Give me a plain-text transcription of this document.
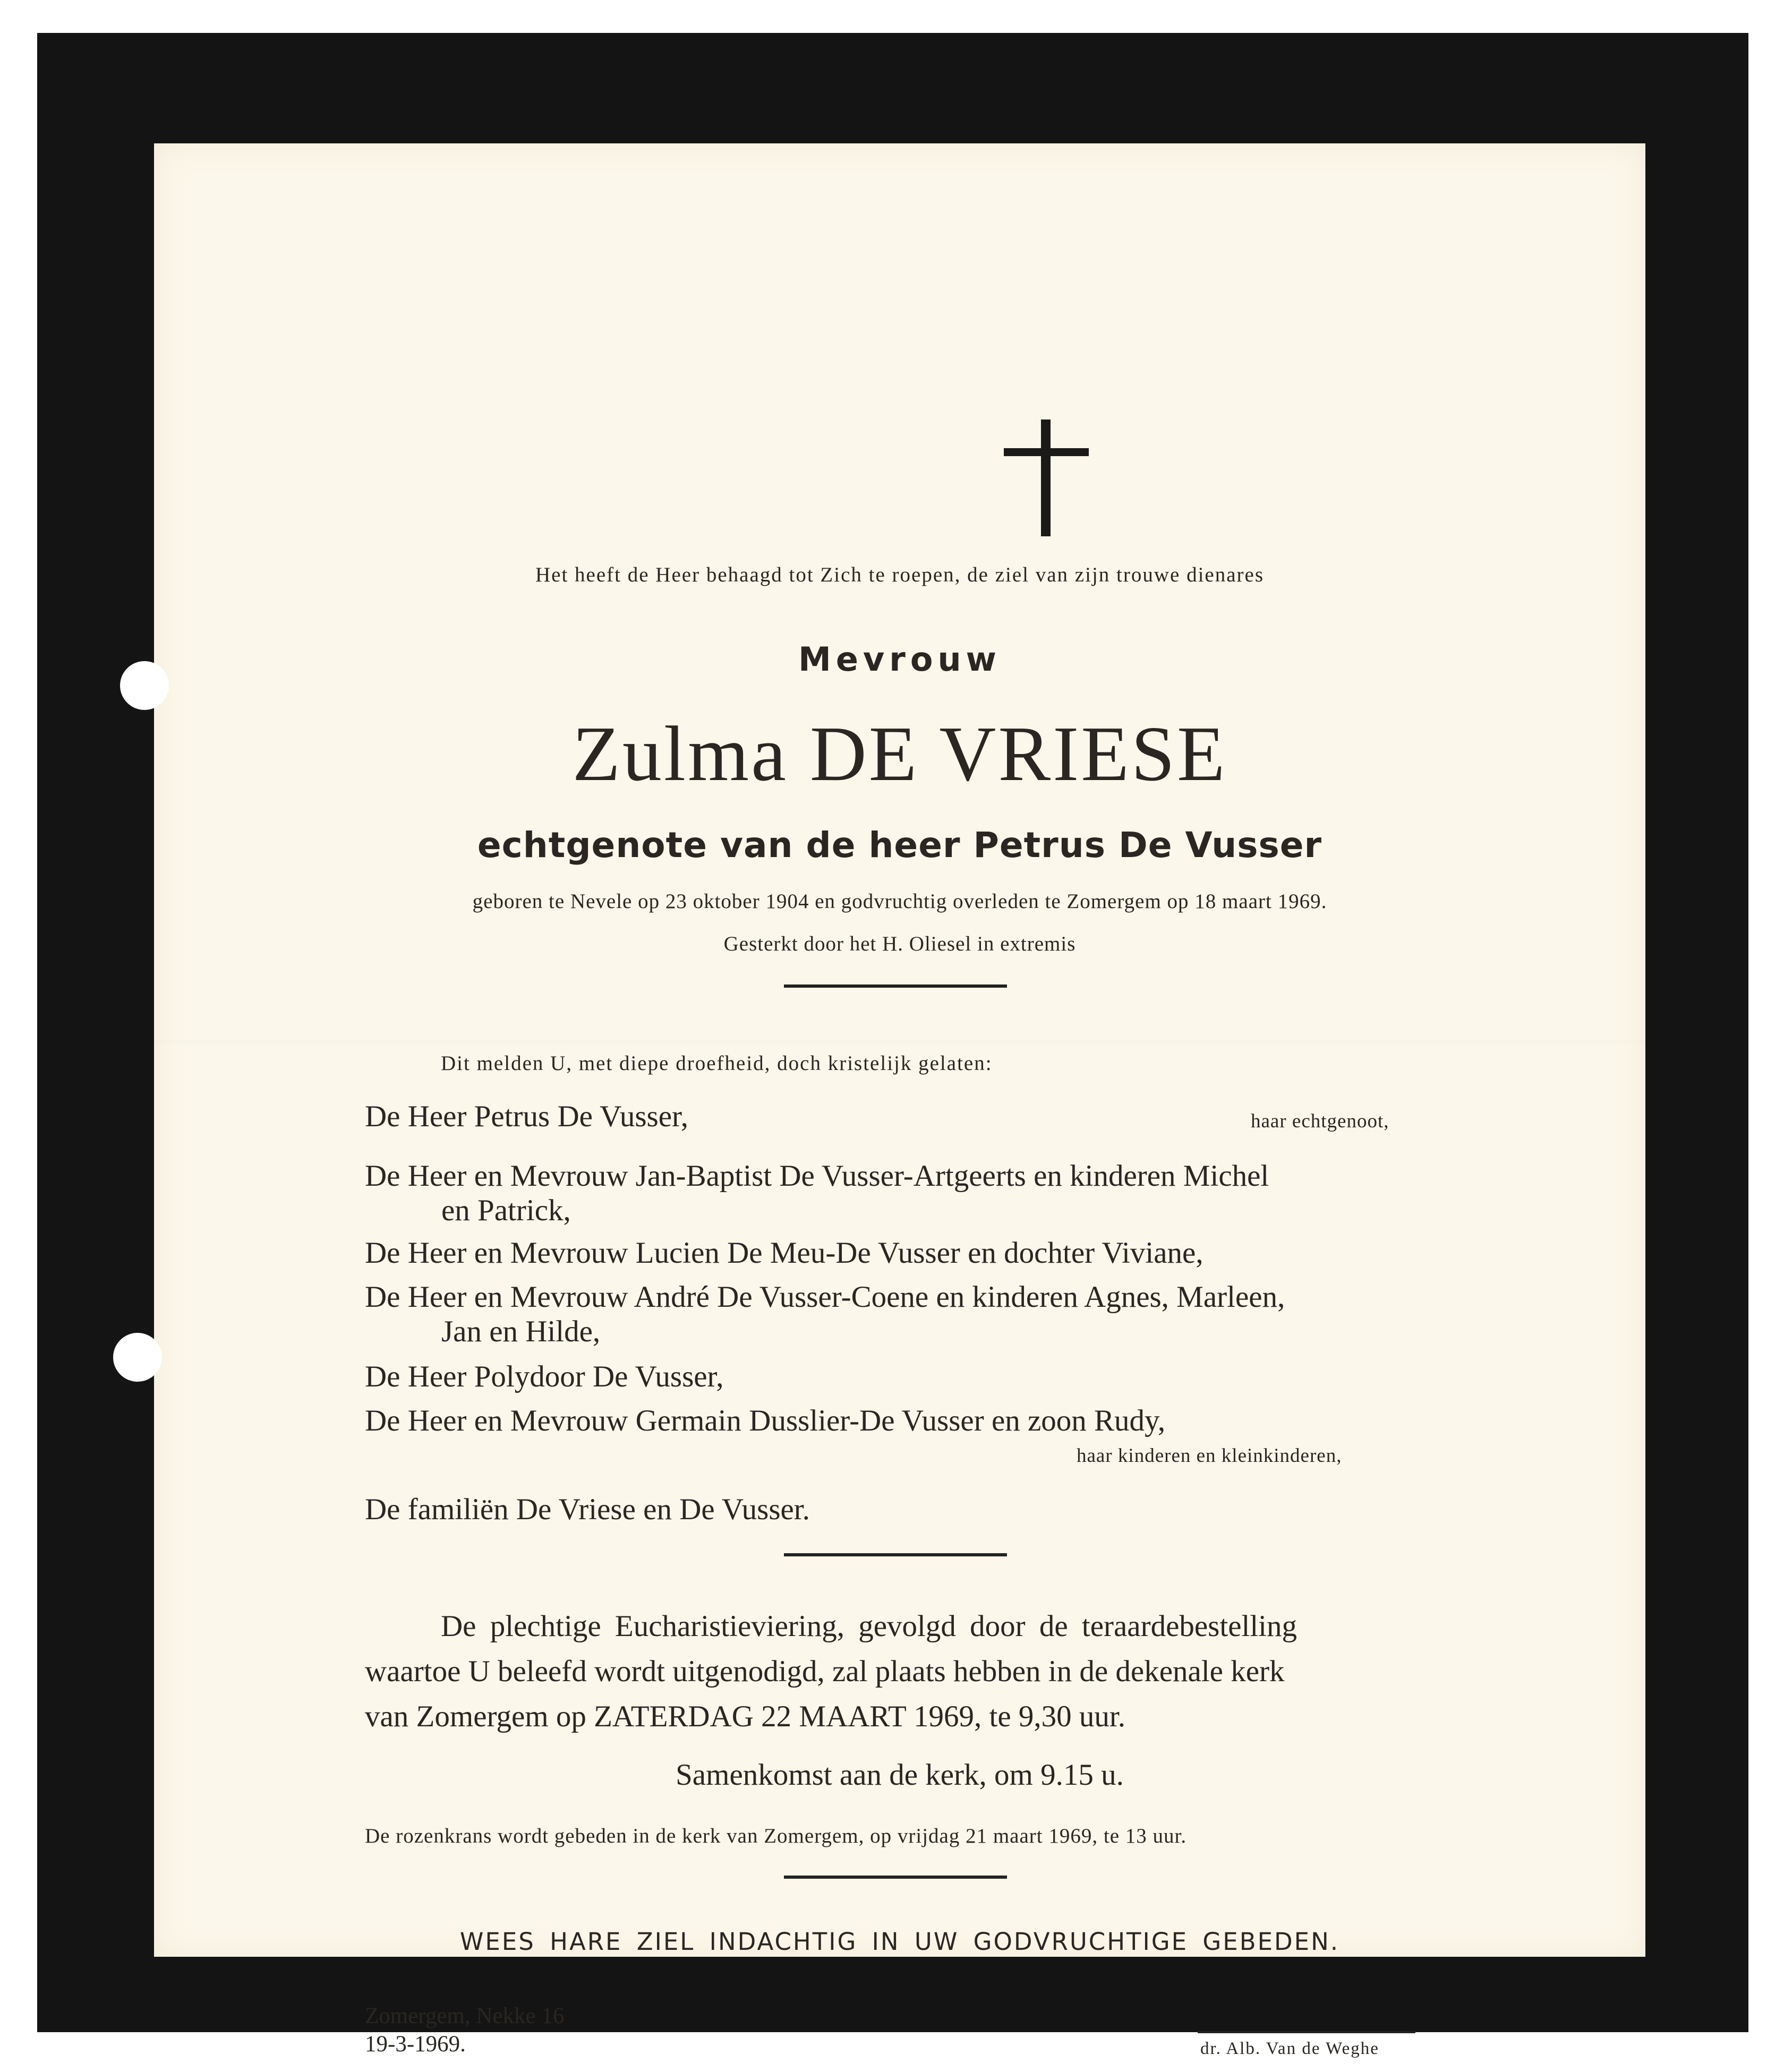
Het heeft de Heer behaagd tot Zich te roepen, de ziel van zijn trouwe dienares
Mevrouw
Zulma DE VRIESE
echtgenote van de heer Petrus De Vusser
geboren te Nevele op 23 oktober 1904 en godvruchtig overleden te Zomergem op 18 maart 1969.
Gesterkt door het H. Oliesel in extremis
Dit melden U, met diepe droefheid, doch kristelijk gelaten:
De Heer Petrus De Vusser,	haar echtgenoot,
De Heer en Mevrouw Jan-Baptist De Vusser-Artgeerts en kinderen Michel
en Patrick,
De Heer en Mevrouw Lucien De Meu-De Vusser en dochter Viviane,
De Heer en Mevrouw André De Vusser-Coene en kinderen Agnes, Marleen,
Jan en Hilde,
De Heer Polydoor De Vusser,
De Heer en Mevrouw Germain Dusslier-De Vusser en zoon Rudy,
haar kinderen en kleinkinderen,
De familiën De Vriese en De Vusser.
De plechtige Eucharistieviering, gevolgd door de teraardebestelling
waartoe U beleefd wordt uitgenodigd, zal plaats hebben in de dekenale kerk
van Zomergem op ZATERDAG 22 MAART 1969, te 9,30 uur.
Samenkomst aan de kerk, om 9.15 u.
De rozenkrans wordt gebeden in de kerk van Zomergem, op vrijdag 21 maart 1969, te 13 uur.
WEES HARE ZIEL INDACHTIG IN UW GODVRUCHTIGE GEBEDEN.
Zomergem, Nekke 16
19-3-1969.	dr. Alb. Van de Weghe
